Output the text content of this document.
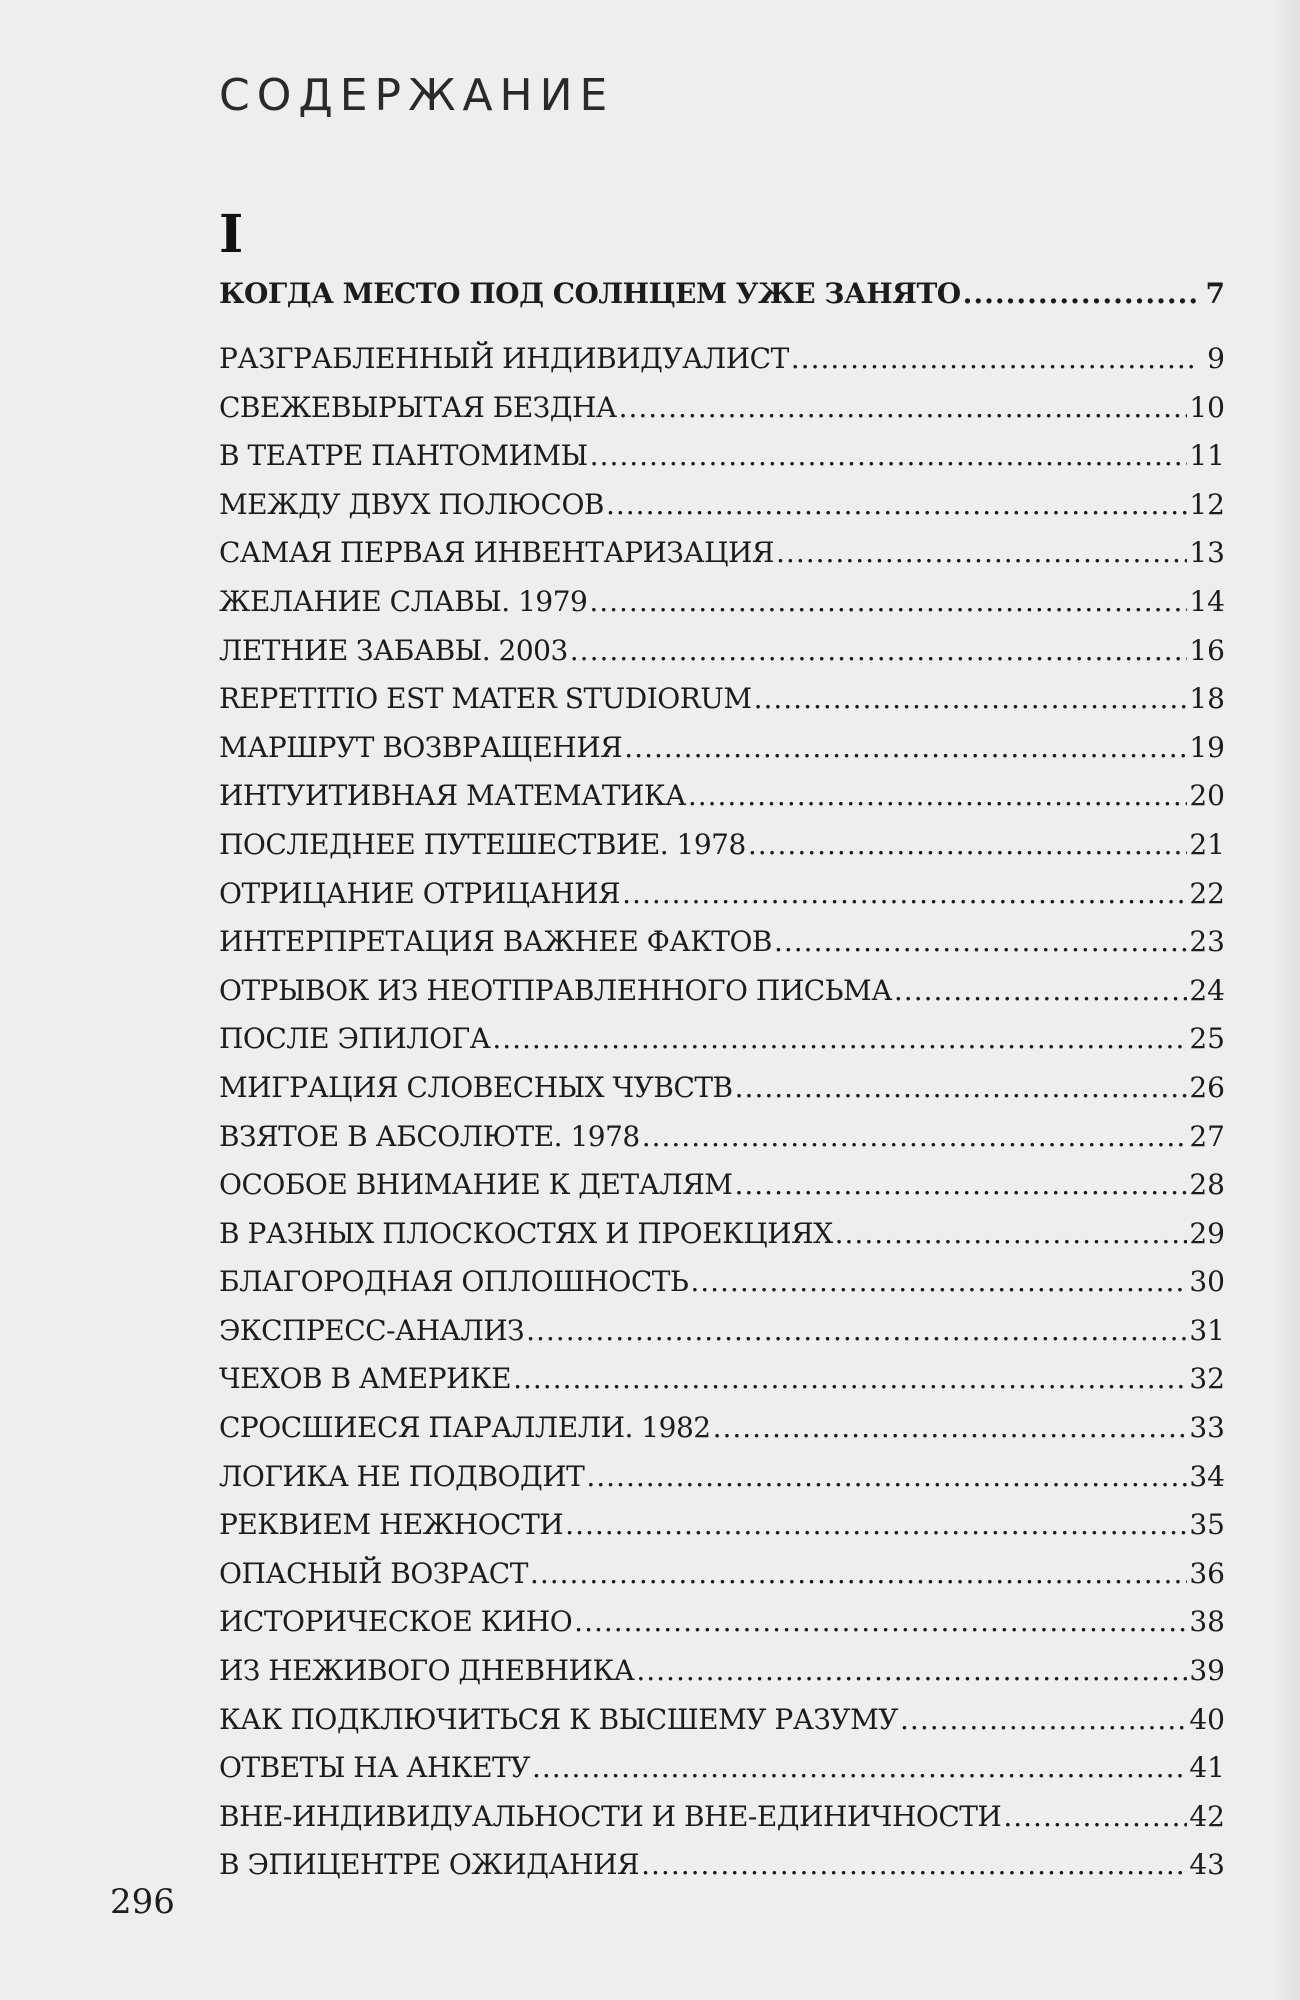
СОДЕРЖАНИЕ
I
КОГДА МЕСТО ПОД СОЛНЦЕМ УЖЕ ЗАНЯТО .....	7
РАЗГРАБЛЕННЫЙ ИНДИВИДУАЛИСТ .....	9
СВЕЖЕВЫРЫТАЯ БЕЗДНА .....	10
В ТЕАТРЕ ПАНТОМИМЫ .....	11
МЕЖДУ ДВУХ ПОЛЮСОВ .....	12
САМАЯ ПЕРВАЯ ИНВЕНТАРИЗАЦИЯ .....	13
ЖЕЛАНИЕ СЛАВЫ. 1979 .....	14
ЛЕТНИЕ ЗАБАВЫ. 2003 .....	16
REPETITIO EST MATER STUDIORUM .....	18
МАРШРУТ ВОЗВРАЩЕНИЯ .....	19
ИНТУИТИВНАЯ МАТЕМАТИКА .....	20
ПОСЛЕДНЕЕ ПУТЕШЕСТВИЕ. 1978 .....	21
ОТРИЦАНИЕ ОТРИЦАНИЯ .....	22
ИНТЕРПРЕТАЦИЯ ВАЖНЕЕ ФАКТОВ .....	23
ОТРЫВОК ИЗ НЕОТПРАВЛЕННОГО ПИСЬМА .....	24
ПОСЛЕ ЭПИЛОГА .....	25
МИГРАЦИЯ СЛОВЕСНЫХ ЧУВСТВ .....	26
ВЗЯТОЕ В АБСОЛЮТЕ. 1978 .....	27
ОСОБОЕ ВНИМАНИЕ К ДЕТАЛЯМ .....	28
В РАЗНЫХ ПЛОСКОСТЯХ И ПРОЕКЦИЯХ .....	29
БЛАГОРОДНАЯ ОПЛОШНОСТЬ .....	30
ЭКСПРЕСС-АНАЛИЗ .....	31
ЧЕХОВ В АМЕРИКЕ .....	32
СРОСШИЕСЯ ПАРАЛЛЕЛИ. 1982 .....	33
ЛОГИКА НЕ ПОДВОДИТ .....	34
РЕКВИЕМ НЕЖНОСТИ .....	35
ОПАСНЫЙ ВОЗРАСТ .....	36
ИСТОРИЧЕСКОЕ КИНО .....	38
ИЗ НЕЖИВОГО ДНЕВНИКА .....	39
КАК ПОДКЛЮЧИТЬСЯ К ВЫСШЕМУ РАЗУМУ .....	40
ОТВЕТЫ НА АНКЕТУ .....	41
ВНЕ-ИНДИВИДУАЛЬНОСТИ И ВНЕ-ЕДИНИЧНОСТИ .....	42
В ЭПИЦЕНТРЕ ОЖИДАНИЯ .....	43
296
